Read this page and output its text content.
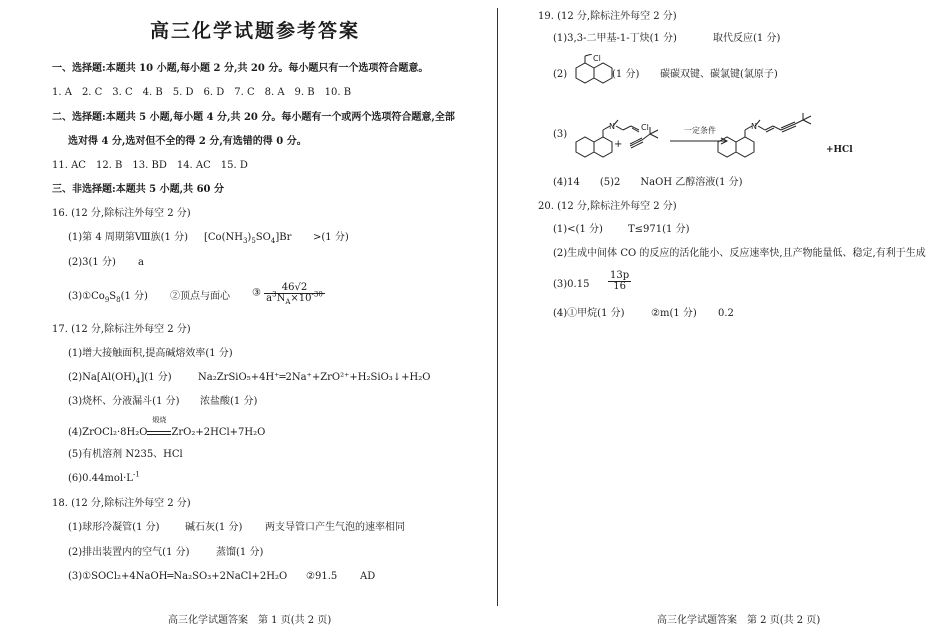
高三化学试题参考答案
一、选择题:本题共 10 小题,每小题 2 分,共 20 分。每小题只有一个选项符合题意。
1. A　2. C　3. C　4. B　5. D　6. D　7. C　8. A　9. B　10. B
二、选择题:本题共 5 小题,每小题 4 分,共 20 分。每小题有一个或两个选项符合题意,全部
选对得 4 分,选对但不全的得 2 分,有选错的得 0 分。
11. AC　12. B　13. BD　14. AC　15. D
三、非选择题:本题共 5 小题,共 60 分
16. (12 分,除标注外每空 2 分)
(1)第 4 周期第Ⅷ族(1 分) $[Co(NH_3)_5SO_4]Br >(1$ 分)
(2)3(1 分) a
$(3)①Co_9S_8(1$ 分) ②顶点与面心 ③ $\frac{46√2}{a^3N_A\times 10^{-30}}$
17. (12 分,除标注外每空 2 分)
(1)增大接触面积,提高碱熔效率(1 分)
$(2)Na[Al(OH)_4](1$ 分)	Na₂ZrSiO₅+4H⁺═2Na⁺+ZrO²⁺+H₂SiO₃↓+H₂O
(3)烧杯、分液漏斗(1 分) 浓盐酸(1 分)
(4)ZrOCl₂·8H₂O
煅烧
ZrO₂+2HCl+7H₂O
(5)有机溶剂 N235、HCl
$(6)0.44mol\cdot L^{-1}$
18. (12 分,除标注外每空 2 分)
(1)球形冷凝管(1 分)	碱石灰(1 分) 两支导管口产生气泡的速率相同
(2)排出装置内的空气(1 分)	蒸馏(1 分)
(3)①SOCl₂+4NaOH═Na₂SO₃+2NaCl+2H₂O ②91.5 AD
高三化学试题答案　第 1 页(共 2 页)
19. (12 分,除标注外每空 2 分)
(1)3,3-二甲基-1-丁炔(1 分)	取代反应(1 分)
(2)
Cl
(1 分) 碳碳双键、碳氯键(氯原子)
(3)
N	Cl
+
一定条件	N
+HCl
(4)14　　(5)2　　NaOH 乙醇溶液(1 分)
20. (12 分,除标注外每空 2 分)
(1)<(1 分)	T≤971(1 分)
(2)生成中间体 CO 的反应的活化能小、反应速率快,且产物能量低、稳定,有利于生成
$(3)0.15 \frac{13p}{16}$
(4)①甲烷(1 分)	②m(1 分) 0.2
高三化学试题答案　第 2 页(共 2 页)
